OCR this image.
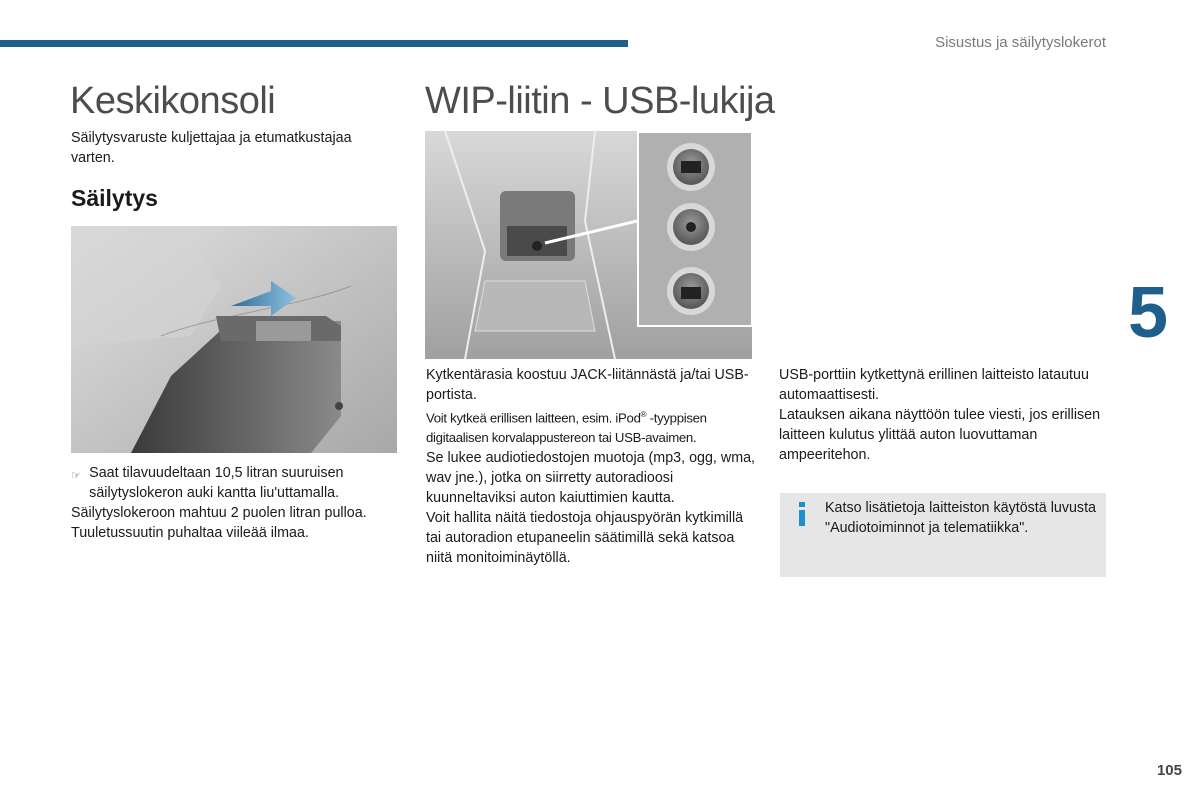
Sisustus ja säilytyslokerot
5
105
Keskikonsoli
Säilytysvaruste kuljettajaa ja etumatkustajaa varten.
Säilytys
☞ Saat tilavuudeltaan 10,5 litran suuruisen säilytyslokeron auki kantta liu'uttamalla.
Säilytyslokeroon mahtuu 2 puolen litran pulloa.
Tuuletussuutin puhaltaa viileää ilmaa.
WIP-liitin - USB-lukija
Kytkentärasia koostuu JACK-liitännästä ja/tai USB-portista.
Voit kytkeä erillisen laitteen, esim. iPod® -tyyppisen digitaalisen korvalappustereon tai USB-avaimen.
Se lukee audiotiedostojen muotoja (mp3, ogg, wma, wav jne.), jotka on siirretty autoradioosi kuunneltaviksi auton kaiuttimien kautta.
Voit hallita näitä tiedostoja ohjauspyörän kytkimillä tai autoradion etupaneelin säätimillä sekä katsoa niitä monitoiminäytöllä.
USB-porttiin kytkettynä erillinen laitteisto latautuu automaattisesti.
Latauksen aikana näyttöön tulee viesti, jos erillisen laitteen kulutus ylittää auton luovuttaman ampeeritehon.
Katso lisätietoja laitteiston käytöstä luvusta "Audiotoiminnot ja telematiikka".
